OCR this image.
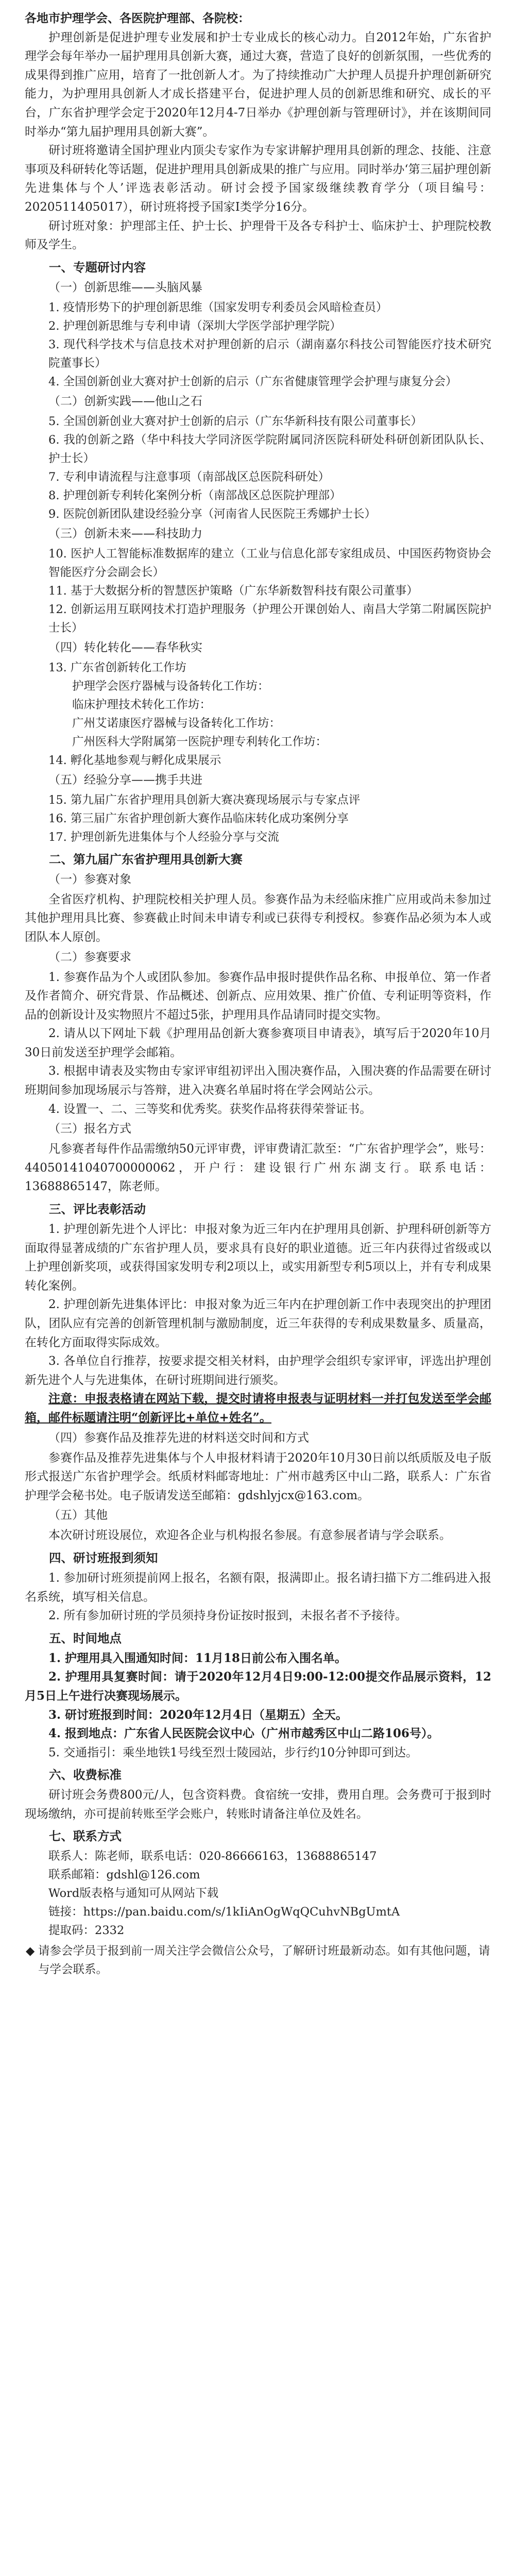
各地市护理学会、各医院护理部、各院校：

护理创新是促进护理专业发展和护士专业成长的核心动力。自2012年始，广东省护理学会每年举办一届护理用具创新大赛，通过大赛，营造了良好的创新氛围，一些优秀的成果得到推广应用，培育了一批创新人才。为了持续推动广大护理人员提升护理创新研究能力，为护理用具创新人才成长搭建平台，促进护理人员的创新思维和研究、成长的平台，广东省护理学会定于2020年12月4-7日举办《护理创新与管理研讨》，并在该期间同时举办“第九届护理用具创新大赛”。

研讨班将邀请全国护理业内顶尖专家作为专家讲解护理用具创新的理念、技能、注意事项及科研转化等话题，促进护理用具创新成果的推广与应用。同时举办‘第三届护理创新先进集体与个人’评选表彰活动。研讨会授予国家级继续教育学分（项目编号：2020511405017），研讨班将授予国家Ⅰ类学分16分。

研讨班对象：护理部主任、护士长、护理骨干及各专科护士、临床护士、护理院校教师及学生。

一、专题研讨内容
（一）创新思维——头脑风暴

1. 疫情形势下的护理创新思维（国家发明专利委员会风暗检查员）

2. 护理创新思维与专利申请（深圳大学医学部护理学院）

3. 现代科学技术与信息技术对护理创新的启示（湖南嘉尔科技公司智能医疗技术研究院董事长）

4. 全国创新创业大赛对护士创新的启示（广东省健康管理学会护理与康复分会）

（二）创新实践——他山之石

5. 全国创新创业大赛对护士创新的启示（广东华新科技有限公司董事长）

6. 我的创新之路（华中科技大学同济医学院附属同济医院科研处科研创新团队队长、护士长）

7. 专利申请流程与注意事项（南部战区总医院科研处）

8. 护理创新专利转化案例分析（南部战区总医院护理部）

9. 医院创新团队建设经验分享（河南省人民医院王秀娜护士长）

（三）创新未来——科技助力

10. 医护人工智能标准数据库的建立（工业与信息化部专家组成员、中国医药物资协会智能医疗分会副会长）

11. 基于大数据分析的智慧医护策略（广东华新数智科技有限公司董事）

12. 创新运用互联网技术打造护理服务（护理公开课创始人、南昌大学第二附属医院护士长）

（四）转化转化——春华秋实

13. 广东省创新转化工作坊

护理学会医疗器械与设备转化工作坊：

临床护理技术转化工作坊：

广州艾诺康医疗器械与设备转化工作坊：

广州医科大学附属第一医院护理专利转化工作坊：

14. 孵化基地参观与孵化成果展示

（五）经验分享——携手共进

15. 第九届广东省护理用具创新大赛决赛现场展示与专家点评

16. 第三届广东省护理创新大赛作品临床转化成功案例分享

17. 护理创新先进集体与个人经验分享与交流

二、第九届广东省护理用具创新大赛
（一）参赛对象

全省医疗机构、护理院校相关护理人员。参赛作品为未经临床推广应用或尚未参加过其他护理用具比赛、参赛截止时间未申请专利或已获得专利授权。参赛作品必须为本人或团队本人原创。

（二）参赛要求

1. 参赛作品为个人或团队参加。参赛作品申报时提供作品名称、申报单位、第一作者及作者简介、研究背景、作品概述、创新点、应用效果、推广价值、专利证明等资料，作品的创新设计及实物照片不超过5张，护理用具作品请同时提交实物。

2. 请从以下网址下载《护理用品创新大赛参赛项目申请表》，填写后于2020年10月30日前发送至护理学会邮箱。

3. 根据申请表及实物由专家评审组初评出入围决赛作品，入围决赛的作品需要在研讨班期间参加现场展示与答辩，进入决赛名单届时将在学会网站公示。

4. 设置一、二、三等奖和优秀奖。获奖作品将获得荣誉证书。

（三）报名方式

凡参赛者每件作品需缴纳50元评审费，评审费请汇款至：“广东省护理学会”，账号：44050141040700000062，开户行：建设银行广州东湖支行。联系电话：13688865147，陈老师。

三、评比表彰活动

1. 护理创新先进个人评比：申报对象为近三年内在护理用具创新、护理科研创新等方面取得显著成绩的广东省护理人员，要求具有良好的职业道德。近三年内获得过省级或以上护理创新奖项，或获得国家发明专利2项以上，或实用新型专利5项以上，并有专利成果转化案例。

2. 护理创新先进集体评比：申报对象为近三年内在护理创新工作中表现突出的护理团队，团队应有完善的创新管理机制与激励制度，近三年获得的专利成果数量多、质量高，在转化方面取得实际成效。

3. 各单位自行推荐，按要求提交相关材料，由护理学会组织专家评审，评选出护理创新先进个人与先进集体，在研讨班期间进行颁奖。

注意：申报表格请在网站下载，提交时请将申报表与证明材料一并打包发送至学会邮箱，邮件标题请注明“创新评比+单位+姓名”。

（四）参赛作品及推荐先进的材料送交时间和方式

参赛作品及推荐先进集体与个人申报材料请于2020年10月30日前以纸质版及电子版形式报送广东省护理学会。纸质材料邮寄地址：广州市越秀区中山二路，联系人：广东省护理学会秘书处。电子版请发送至邮箱：gdshlyjcx@163.com。

（五）其他

本次研讨班设展位，欢迎各企业与机构报名参展。有意参展者请与学会联系。

四、研讨班报到须知

1. 参加研讨班须提前网上报名，名额有限，报满即止。报名请扫描下方二维码进入报名系统，填写相关信息。

2. 所有参加研讨班的学员须持身份证按时报到，未报名者不予接待。

五、时间地点

1. 护理用具入围通知时间：11月18日前公布入围名单。

2. 护理用具复赛时间：请于2020年12月4日9:00-12:00提交作品展示资料，12月5日上午进行决赛现场展示。

3. 研讨班报到时间：2020年12月4日（星期五）全天。

4. 报到地点：广东省人民医院会议中心（广州市越秀区中山二路106号）。

5. 交通指引：乘坐地铁1号线至烈士陵园站，步行约10分钟即可到达。

六、收费标准

研讨班会务费800元/人，包含资料费。食宿统一安排，费用自理。会务费可于报到时现场缴纳，亦可提前转账至学会账户，转账时请备注单位及姓名。

七、联系方式

联系人：陈老师，联系电话：020-86666163，13688865147

联系邮箱：gdshl@126.com

Word版表格与通知可从网站下载

链接：https://pan.baidu.com/s/1kIiAnOgWqQCuhvNBgUmtA

提取码：2332

◆ 请参会学员于报到前一周关注学会微信公众号，了解研讨班最新动态。如有其他问题，请与学会联系。
